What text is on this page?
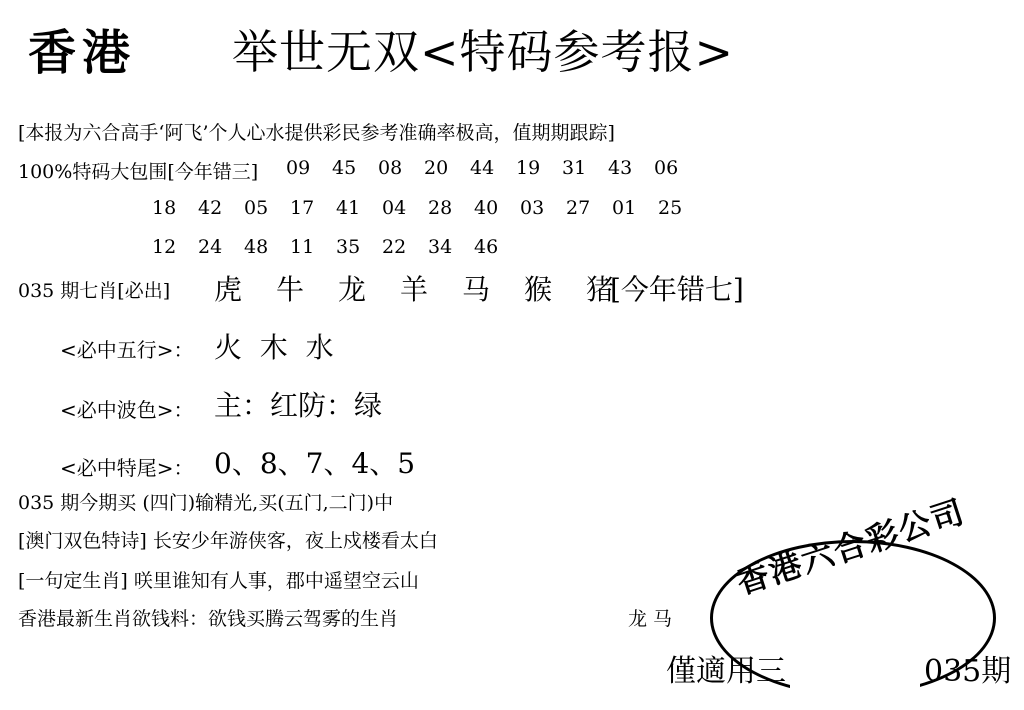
香港 举世无双<特码参考报>
[本报为六合高手‘阿飞’个人心水提供彩民参考准确率极高，值期期跟踪]
100%特码大包围[今年错三] 09 45 08 20 44 19 31 43 06
18 42 05 17 41 04 28 40 03 27 01 25
12 24 48 11 35 22 34 46
035 期七肖[必出] 虎 牛 龙 羊 马 猴 猪
[今年错七]
<必中五行>： 火  木  水
<必中波色>： 主：红防：绿
<必中特尾>： 0、8、7、4、5
035 期今期买 (四门)输精光,买(五门,二门)中
[澳门双色特诗] 长安少年游侠客，夜上戍楼看太白
[一句定生肖] 咲里谁知有人事，郡中遥望空云山
香港最新生肖欲钱料：欲钱买腾云驾雾的生肖	龙 马
香港六合彩公司
僅適用三	035期
